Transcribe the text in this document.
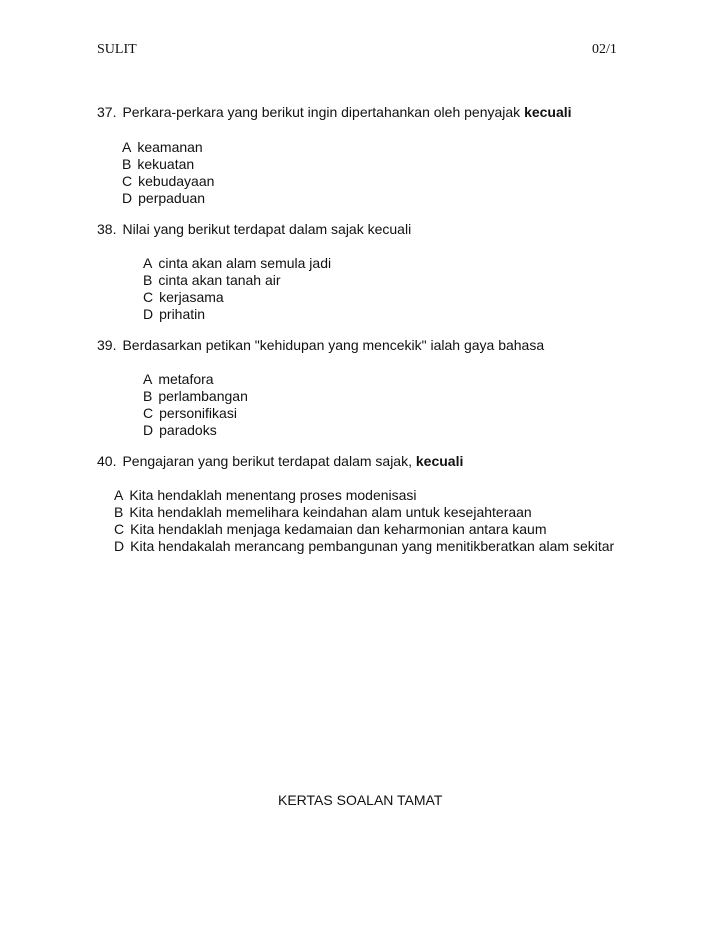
SULIT	02/1
37. Perkara-perkara yang berikut ingin dipertahankan oleh penyajak kecuali
A keamanan
B kekuatan
C kebudayaan
D perpaduan
38. Nilai yang berikut terdapat dalam sajak kecuali
A cinta akan alam semula jadi
B cinta akan tanah air
C kerjasama
D prihatin
39. Berdasarkan petikan "kehidupan yang mencekik" ialah gaya bahasa
A metafora
B perlambangan
C personifikasi
D paradoks
40. Pengajaran yang berikut terdapat dalam sajak, kecuali
A Kita hendaklah menentang proses modenisasi
B Kita hendaklah memelihara keindahan alam untuk kesejahteraan
C Kita hendaklah menjaga kedamaian dan keharmonian antara kaum
D Kita hendakalah merancang pembangunan yang menitikberatkan alam sekitar
KERTAS SOALAN TAMAT
